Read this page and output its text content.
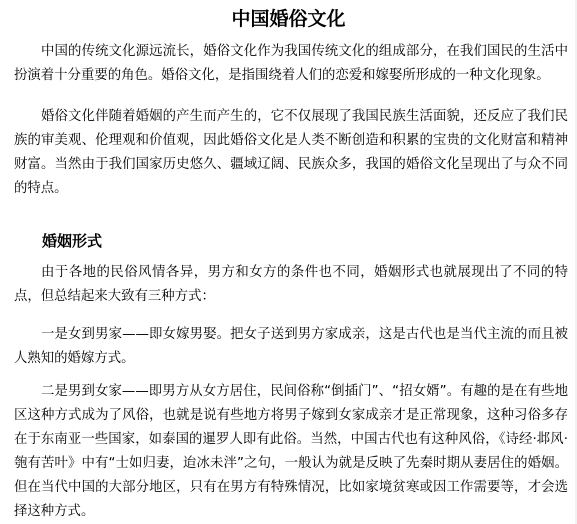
中国婚俗文化

中国的传统文化源远流长，婚俗文化作为我国传统文化的组成部分，在我们国民的生活中扮演着十分重要的角色。婚俗文化，是指围绕着人们的恋爱和嫁娶所形成的一种文化现象。

婚俗文化伴随着婚姻的产生而产生的，它不仅展现了我国民族生活面貌，还反应了我们民族的审美观、伦理观和价值观，因此婚俗文化是人类不断创造和积累的宝贵的文化财富和精神财富。当然由于我们国家历史悠久、疆域辽阔、民族众多，我国的婚俗文化呈现出了与众不同的特点。

婚姻形式

由于各地的民俗风情各异，男方和女方的条件也不同，婚姻形式也就展现出了不同的特点，但总结起来大致有三种方式：

一是女到男家——即女嫁男娶。把女子送到男方家成亲，这是古代也是当代主流的而且被人熟知的婚嫁方式。

二是男到女家——即男方从女方居住，民间俗称“倒插门”、“招女婿”。有趣的是在有些地区这种方式成为了风俗，也就是说有些地方将男子嫁到女家成亲才是正常现象，这种习俗多存在于东南亚一些国家，如泰国的暹罗人即有此俗。当然，中国古代也有这种风俗，《诗经·邶风·匏有苦叶》中有“士如归妻，迨冰未泮”之句，一般认为就是反映了先秦时期从妻居住的婚姻。但在当代中国的大部分地区，只有在男方有特殊情况，比如家境贫寒或因工作需要等，才会选择这种方式。
